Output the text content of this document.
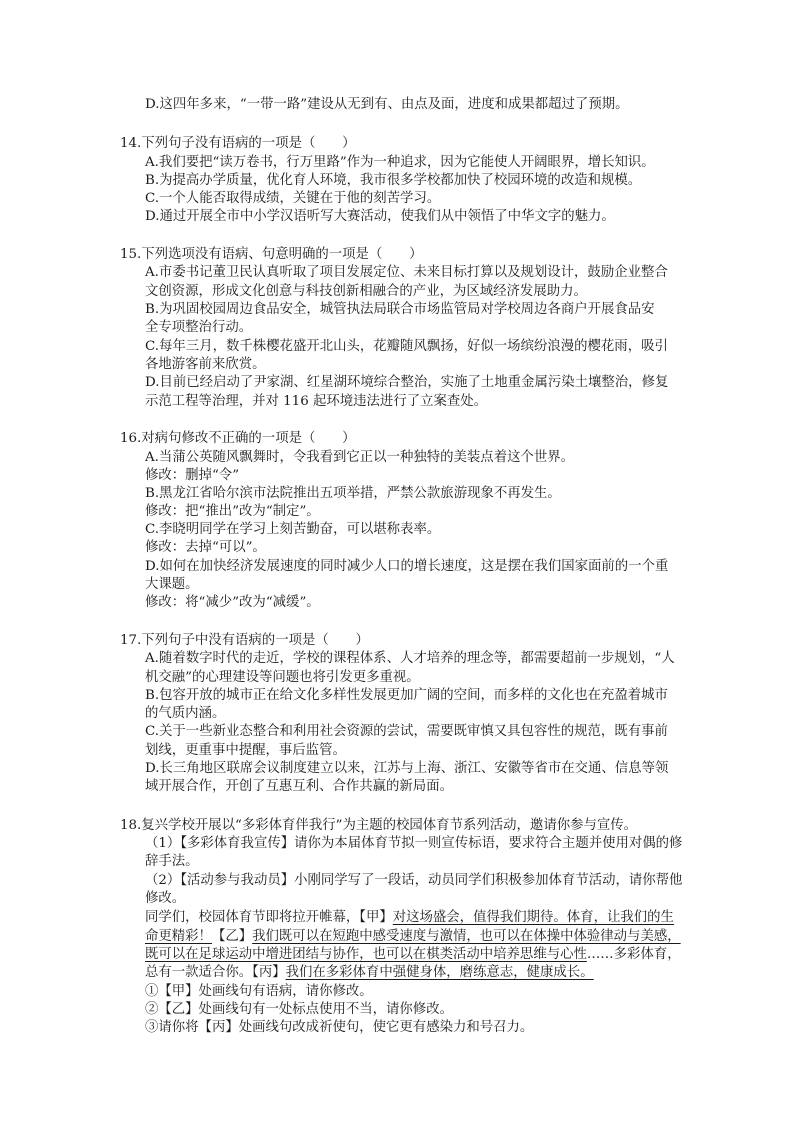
D.这四年多来，“一带一路”建设从无到有、由点及面，进度和成果都超过了预期。
14.下列句子没有语病的一项是（　　）
A.我们要把“读万卷书，行万里路”作为一种追求，因为它能使人开阔眼界，增长知识。
B.为提高办学质量，优化育人环境，我市很多学校都加快了校园环境的改造和规模。
C.一个人能否取得成绩，关键在于他的刻苦学习。
D.通过开展全市中小学汉语听写大赛活动，使我们从中领悟了中华文字的魅力。
15.下列选项没有语病、句意明确的一项是（　　）
A.市委书记董卫民认真听取了项目发展定位、未来目标打算以及规划设计，鼓励企业整合
文创资源，形成文化创意与科技创新相融合的产业，为区域经济发展助力。
B.为巩固校园周边食品安全，城管执法局联合市场监管局对学校周边各商户开展食品安
全专项整治行动。
C.每年三月，数千株樱花盛开北山头，花瓣随风飘扬，好似一场缤纷浪漫的樱花雨，吸引
各地游客前来欣赏。
D.目前已经启动了尹家湖、红星湖环境综合整治，实施了土地重金属污染土壤整治，修复
示范工程等治理，并对 116 起环境违法进行了立案查处。
16.对病句修改不正确的一项是（　　）
A.当蒲公英随风飘舞时，令我看到它正以一种独特的美装点着这个世界。
修改：删掉“令”
B.黑龙江省哈尔滨市法院推出五项举措，严禁公款旅游现象不再发生。
修改：把“推出”改为“制定”。
C.李晓明同学在学习上刻苦勤奋，可以堪称表率。
修改：去掉“可以”。
D.如何在加快经济发展速度的同时减少人口的增长速度，这是摆在我们国家面前的一个重
大课题。
修改：将“减少”改为“减缓”。
17.下列句子中没有语病的一项是（　　）
A.随着数字时代的走近，学校的课程体系、人才培养的理念等，都需要超前一步规划，“人
机交融”的心理建设等问题也将引发更多重视。
B.包容开放的城市正在给文化多样性发展更加广阔的空间，而多样的文化也在充盈着城市
的气质内涵。
C.关于一些新业态整合和利用社会资源的尝试，需要既审慎又具包容性的规范，既有事前
划线，更重事中提醒，事后监管。
D.长三角地区联席会议制度建立以来，江苏与上海、浙江、安徽等省市在交通、信息等领
域开展合作，开创了互惠互利、合作共赢的新局面。
18.复兴学校开展以“多彩体育伴我行”为主题的校园体育节系列活动，邀请你参与宣传。
（1）【多彩体育我宣传】请你为本届体育节拟一则宣传标语，要求符合主题并使用对偶的修
辞手法。
（2）【活动参与我动员】小刚同学写了一段话，动员同学们积极参加体育节活动，请你帮他
修改。
同学们，校园体育节即将拉开帷幕，【甲】对这场盛会，值得我们期待。体育，让我们的生
命更精彩！【乙】我们既可以在短跑中感受速度与激情，也可以在体操中体验律动与美感，
既可以在足球运动中增进团结与协作，也可以在棋类活动中培养思维与心性……多彩体育，
总有一款适合你。【丙】我们在多彩体育中强健身体，磨练意志，健康成长。
①【甲】处画线句有语病，请你修改。
②【乙】处画线句有一处标点使用不当，请你修改。
③请你将【丙】处画线句改成祈使句，使它更有感染力和号召力。
